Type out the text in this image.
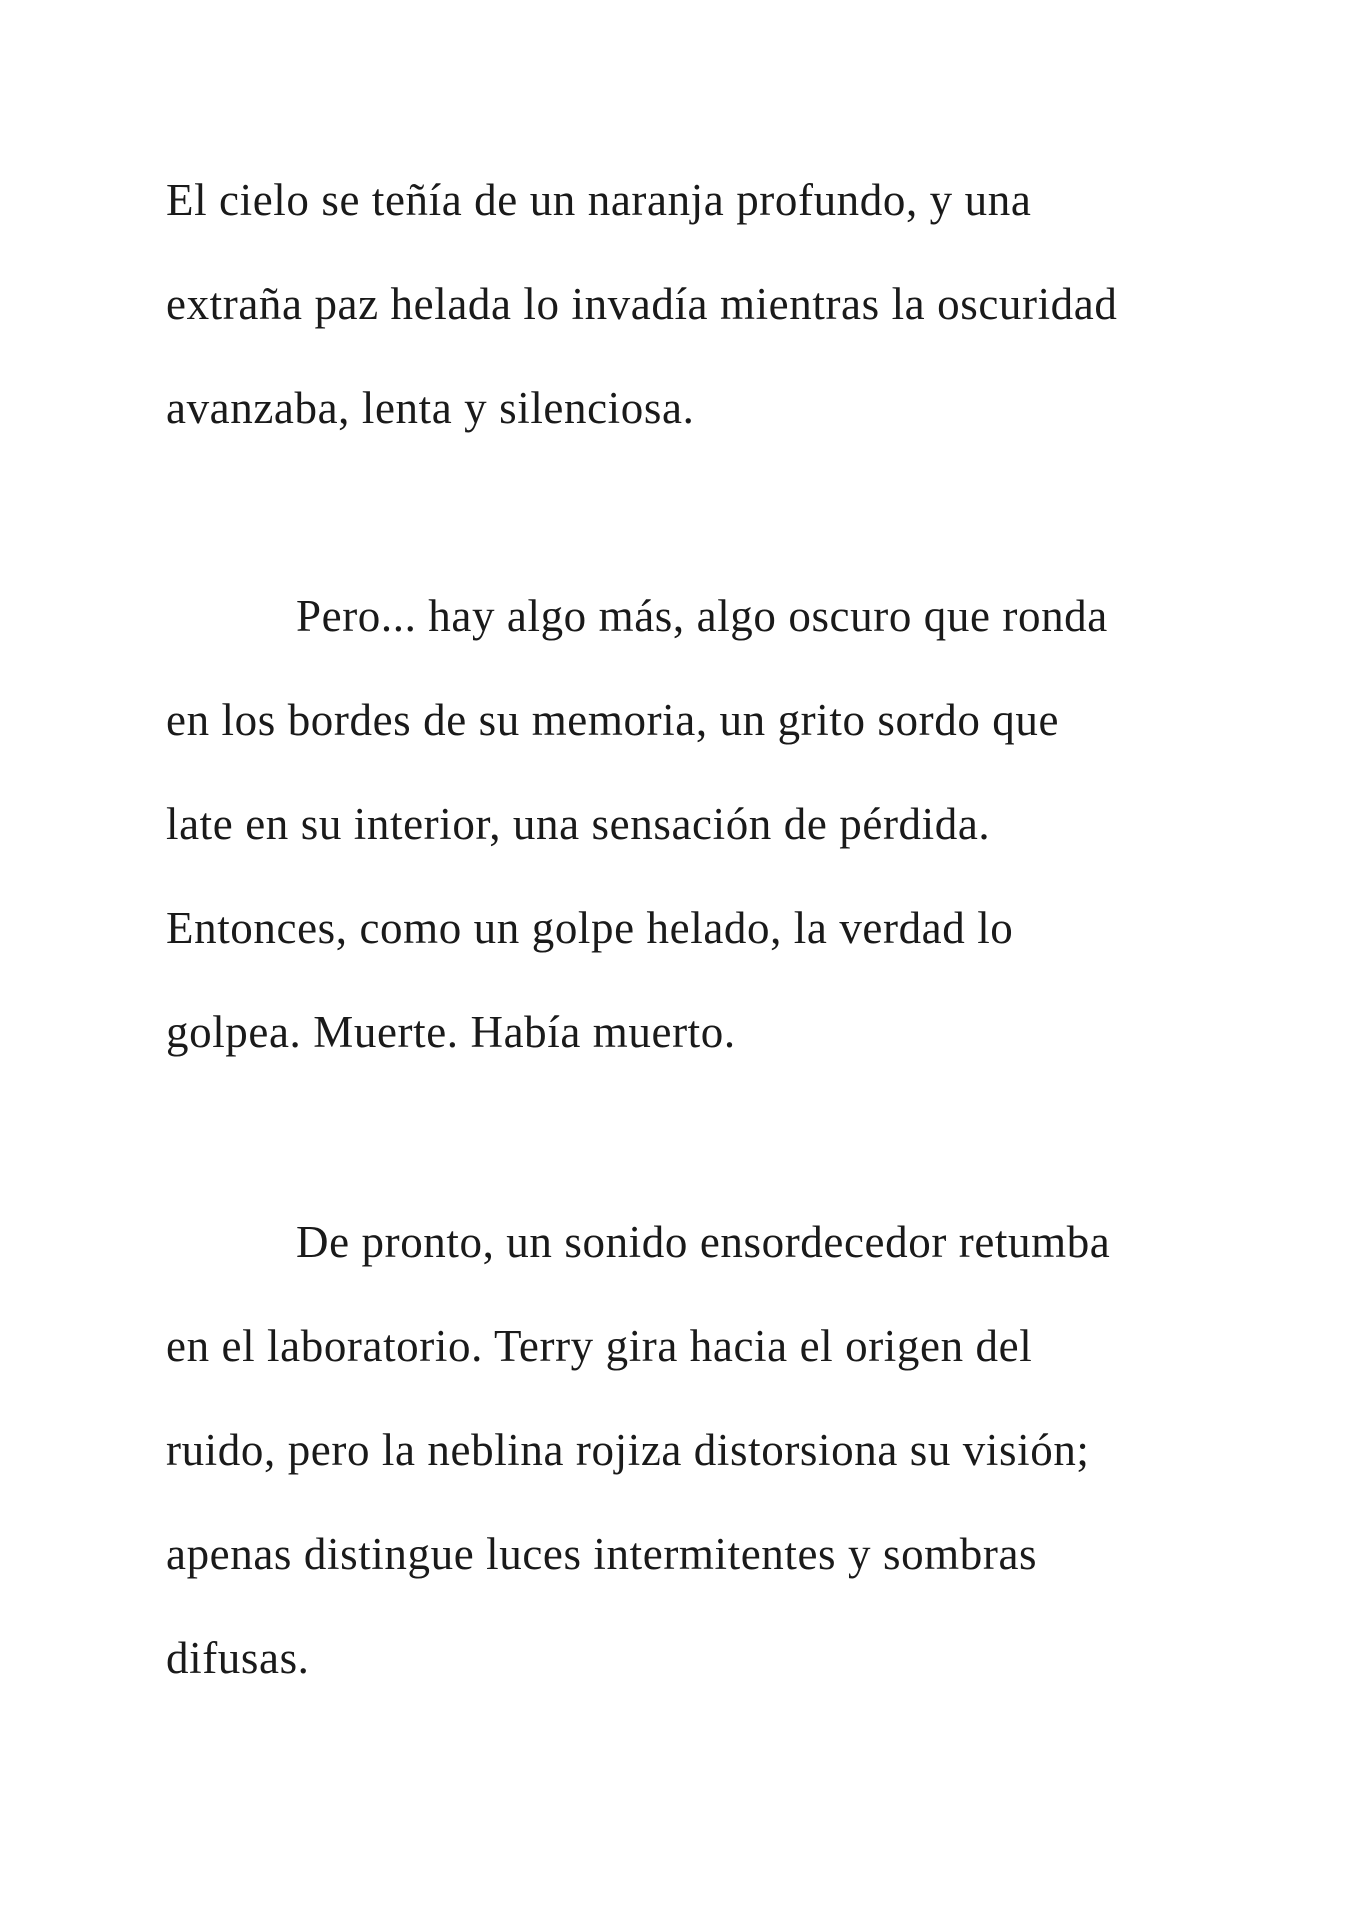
El cielo se teñía de un naranja profundo, y una
extraña paz helada lo invadía mientras la oscuridad
avanzaba, lenta y silenciosa.
Pero... hay algo más, algo oscuro que ronda
en los bordes de su memoria, un grito sordo que
late en su interior, una sensación de pérdida.
Entonces, como un golpe helado, la verdad lo
golpea. Muerte. Había muerto.
De pronto, un sonido ensordecedor retumba
en el laboratorio. Terry gira hacia el origen del
ruido, pero la neblina rojiza distorsiona su visión;
apenas distingue luces intermitentes y sombras
difusas.
